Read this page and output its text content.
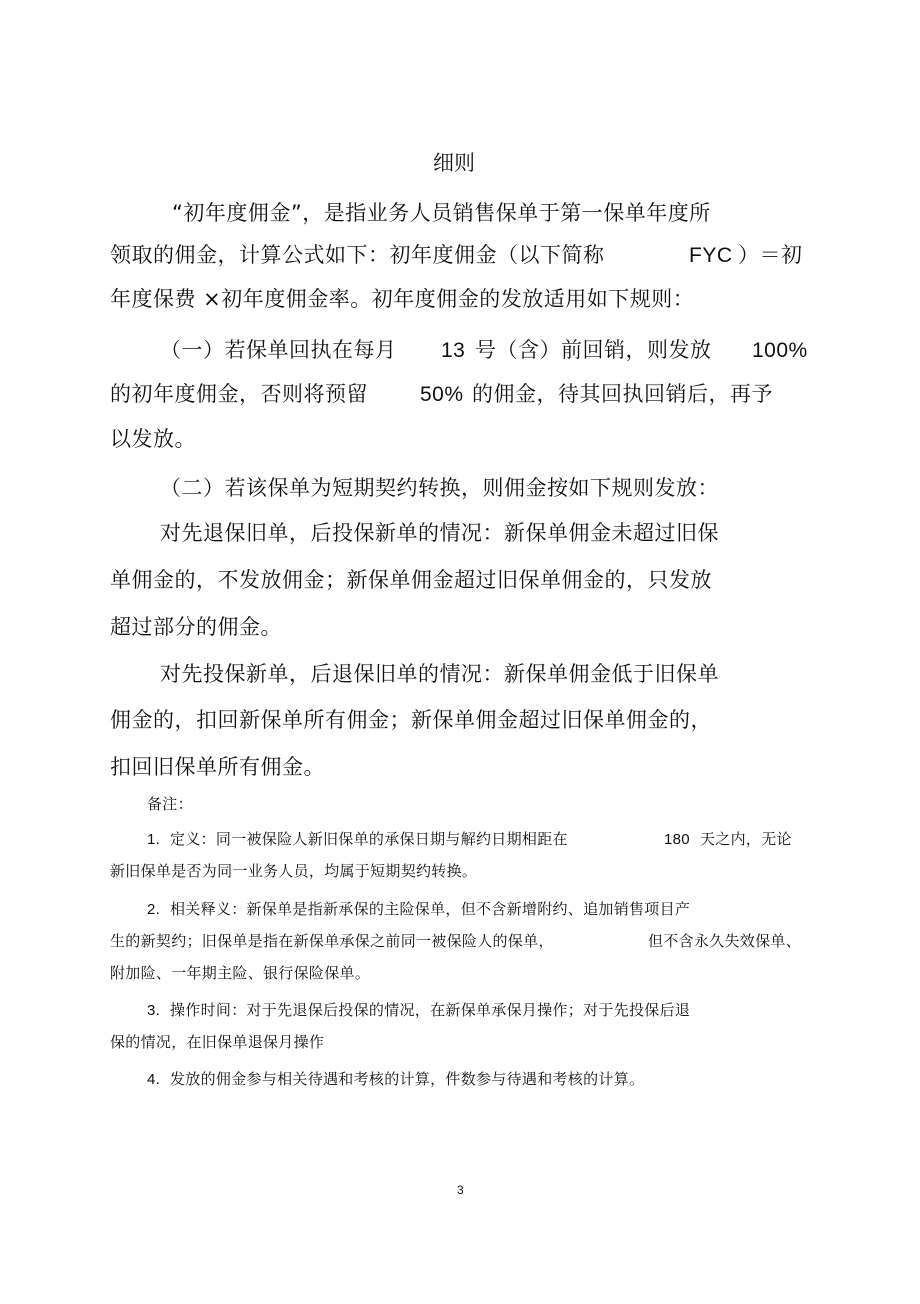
细则
“初年度佣金”，是指业务人员销售保单于第一保单年度所
领取的佣金，计算公式如下：初年度佣金（以下简称	FYC ）＝初
年度保费 ×初年度佣金率。初年度佣金的发放适用如下规则：
（一）若保单回执在每月 13 号（含）前回销，则发放 100%
的初年度佣金，否则将预留 50% 的佣金，待其回执回销后，再予
以发放。
（二）若该保单为短期契约转换，则佣金按如下规则发放：
对先退保旧单，后投保新单的情况：新保单佣金未超过旧保
单佣金的，不发放佣金；新保单佣金超过旧保单佣金的，只发放
超过部分的佣金。
对先投保新单，后退保旧单的情况：新保单佣金低于旧保单
佣金的，扣回新保单所有佣金；新保单佣金超过旧保单佣金的，
扣回旧保单所有佣金。
备注：
1. 定义：同一被保险人新旧保单的承保日期与解约日期相距在	180 天之内，无论
新旧保单是否为同一业务人员，均属于短期契约转换。
2. 相关释义：新保单是指新承保的主险保单，但不含新增附约、追加销售项目产
生的新契约；旧保单是指在新保单承保之前同一被保险人的保单，	但不含永久失效保单、
附加险、一年期主险、银行保险保单。
3. 操作时间：对于先退保后投保的情况，在新保单承保月操作；对于先投保后退
保的情况，在旧保单退保月操作
4. 发放的佣金参与相关待遇和考核的计算，件数参与待遇和考核的计算。
3
